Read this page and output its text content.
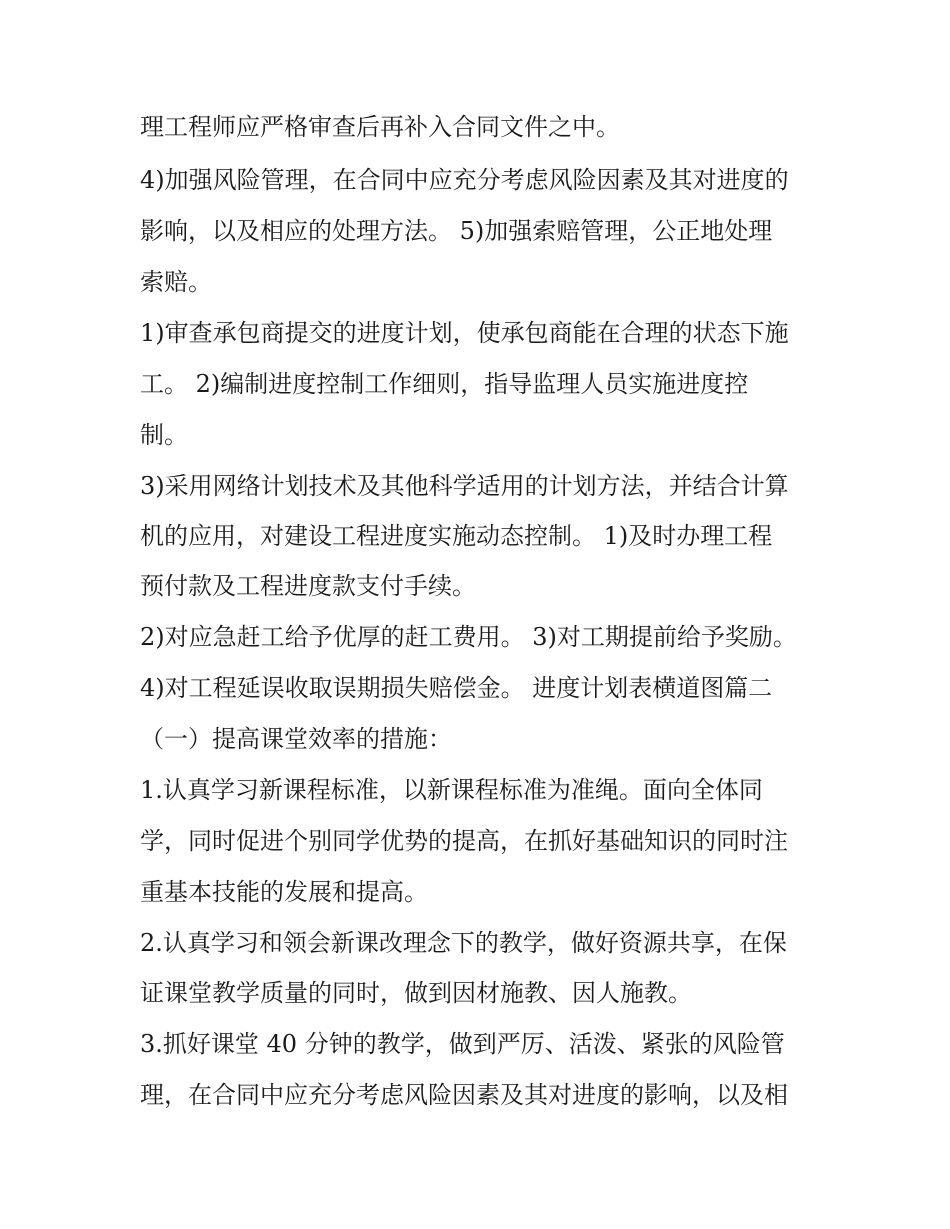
理工程师应严格审查后再补入合同文件之中。

4)加强风险管理，在合同中应充分考虑风险因素及其对进度的

影响，以及相应的处理方法。 5)加强索赔管理，公正地处理

索赔。

1)审查承包商提交的进度计划，使承包商能在合理的状态下施

工。 2)编制进度控制工作细则，指导监理人员实施进度控

制。

3)采用网络计划技术及其他科学适用的计划方法，并结合计算

机的应用，对建设工程进度实施动态控制。 1)及时办理工程

预付款及工程进度款支付手续。

2)对应急赶工给予优厚的赶工费用。 3)对工期提前给予奖励。

4)对工程延误收取误期损失赔偿金。 进度计划表横道图篇二

（一）提高课堂效率的措施：

1.认真学习新课程标准，以新课程标准为准绳。面向全体同

学，同时促进个别同学优势的提高，在抓好基础知识的同时注

重基本技能的发展和提高。

2.认真学习和领会新课改理念下的教学，做好资源共享，在保

证课堂教学质量的同时，做到因材施教、因人施教。

3.抓好课堂 40 分钟的教学，做到严厉、活泼、紧张的风险管

理，在合同中应充分考虑风险因素及其对进度的影响，以及相
